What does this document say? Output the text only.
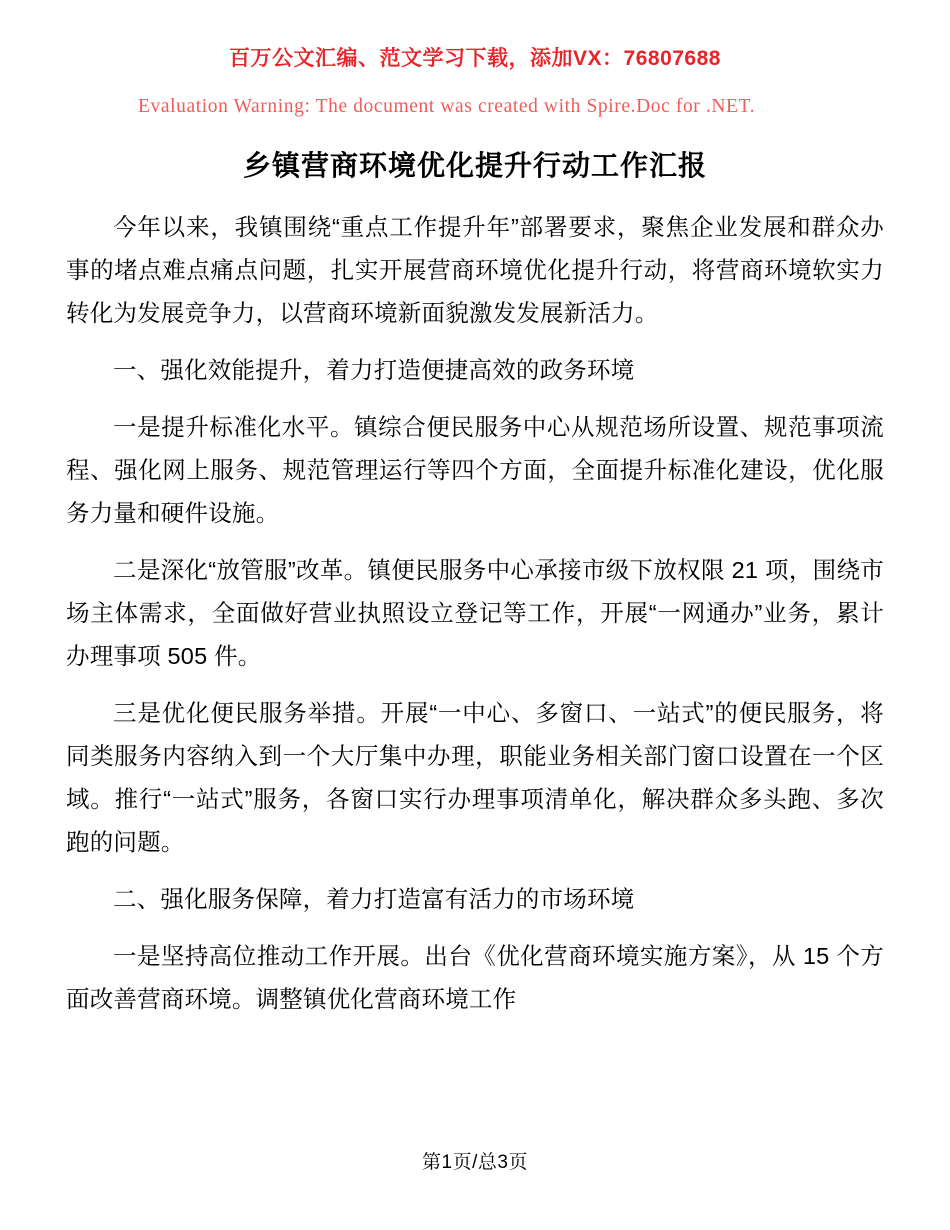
百万公文汇编、范文学习下载，添加VX：76807688
Evaluation Warning: The document was created with Spire.Doc for .NET.
乡镇营商环境优化提升行动工作汇报

今年以来，我镇围绕“重点工作提升年”部署要求，聚焦企业发展和群众办事的堵点难点痛点问题，扎实开展营商环境优化提升行动，将营商环境软实力转化为发展竞争力，以营商环境新面貌激发发展新活力。

一、强化效能提升，着力打造便捷高效的政务环境

一是提升标准化水平。镇综合便民服务中心从规范场所设置、规范事项流程、强化网上服务、规范管理运行等四个方面，全面提升标准化建设，优化服务力量和硬件设施。

二是深化“放管服”改革。镇便民服务中心承接市级下放权限 21 项，围绕市场主体需求，全面做好营业执照设立登记等工作，开展“一网通办”业务，累计办理事项 505 件。

三是优化便民服务举措。开展“一中心、多窗口、一站式”的便民服务，将同类服务内容纳入到一个大厅集中办理，职能业务相关部门窗口设置在一个区域。推行“一站式”服务，各窗口实行办理事项清单化，解决群众多头跑、多次跑的问题。

二、强化服务保障，着力打造富有活力的市场环境

一是坚持高位推动工作开展。出台《优化营商环境实施方案》，从 15 个方面改善营商环境。调整镇优化营商环境工作

第1页/总3页
